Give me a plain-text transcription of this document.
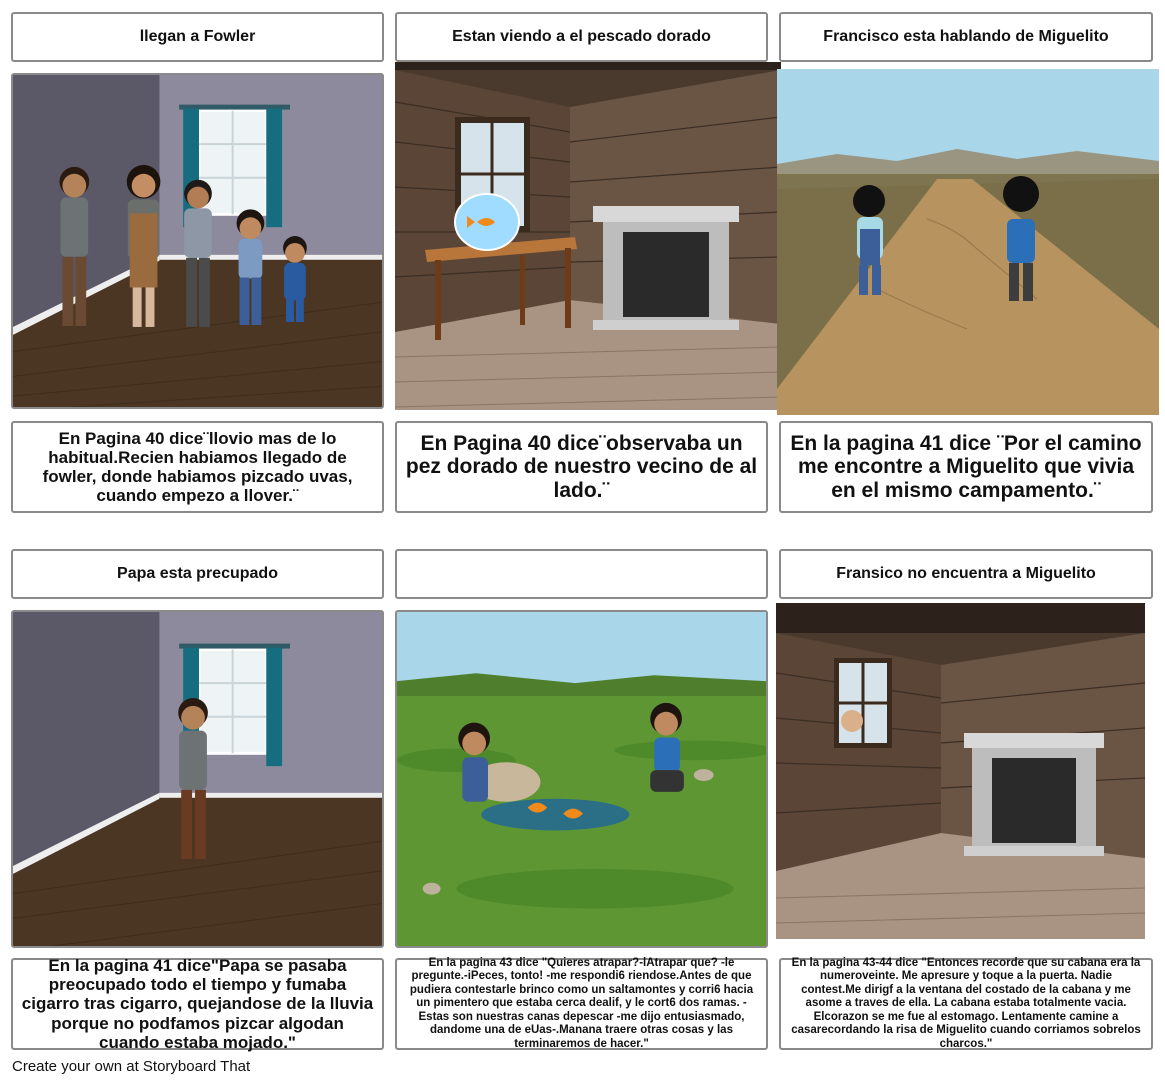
llegan a Fowler	Estan viendo a el pescado dorado	Francisco esta hablando de Miguelito
En Pagina 40 dice¨llovio mas de lo habitual.Recien habiamos llegado de fowler, donde habiamos pizcado uvas, cuando empezo a llover.¨
En Pagina 40 dice¨observaba un pez dorado de nuestro vecino de al lado.¨
En la pagina 41 dice ¨Por el camino me encontre a Miguelito que vivia en el mismo campamento.¨
Papa esta precupado	Fransico no encuentra a Miguelito
En la pagina 41 dice"Papa se pasaba preocupado todo el tiempo y fumaba cigarro tras cigarro, quejandose de la lluvia porque no podfamos pizcar algodan cuando estaba mojado."
En la pagina 43 dice "Quieres atrapar?-lAtrapar que? -le pregunte.-iPeces, tonto! -me respondi6 riendose.Antes de que pudiera contestarle brinco como un saltamontes y corri6 hacia un pimentero que estaba cerca dealif, y le cort6 dos ramas. -Estas son nuestras canas depescar -me dijo entusiasmado, dandome una de eUas-.Manana traere otras cosas y las terminaremos de hacer."
En la pagina 43-44 dice "Entonces recorde que su cabana era la numeroveinte. Me apresure y toque a la puerta. Nadie contest.Me dirigf a la ventana del costado de la cabana y me asome a traves de ella. La cabana estaba totalmente vacia. Elcorazon se me fue al estomago. Lentamente camine a casarecordando la risa de Miguelito cuando corriamos sobrelos charcos."
Create your own at Storyboard That
